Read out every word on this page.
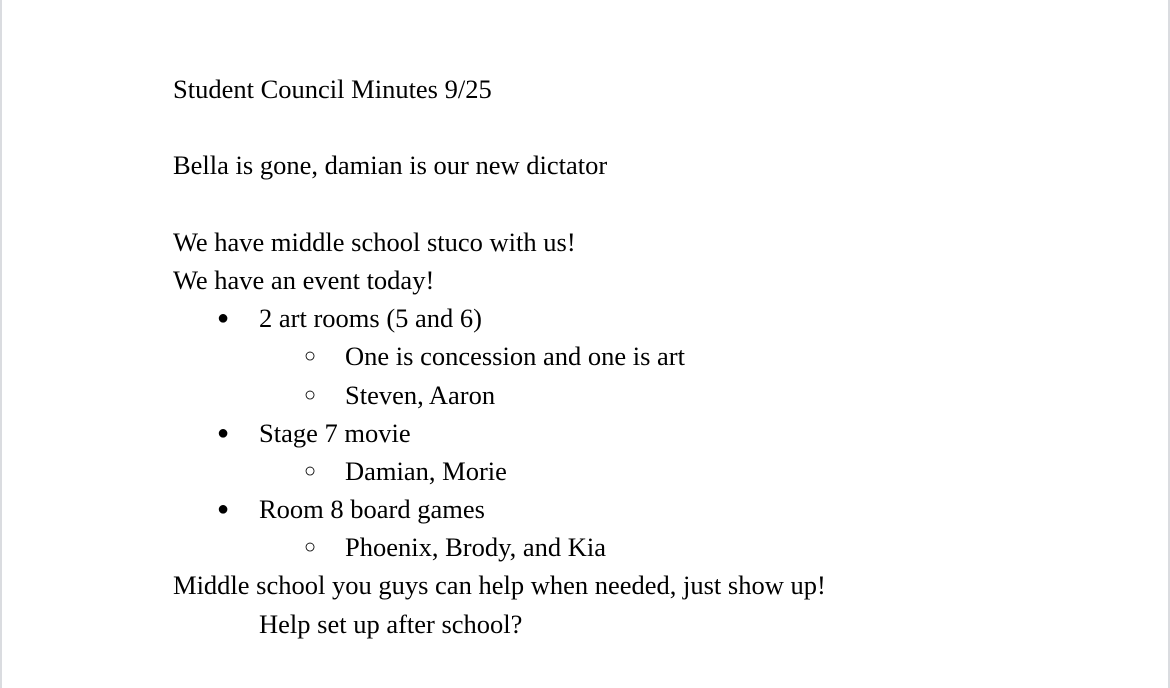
Student Council Minutes 9/25
Bella is gone, damian is our new dictator
We have middle school stuco with us!
We have an event today!
● 2 art rooms (5 and 6)
○ One is concession and one is art
○ Steven, Aaron
● Stage 7 movie
○ Damian, Morie
● Room 8 board games
○ Phoenix, Brody, and Kia
Middle school you guys can help when needed, just show up!
Help set up after school?
